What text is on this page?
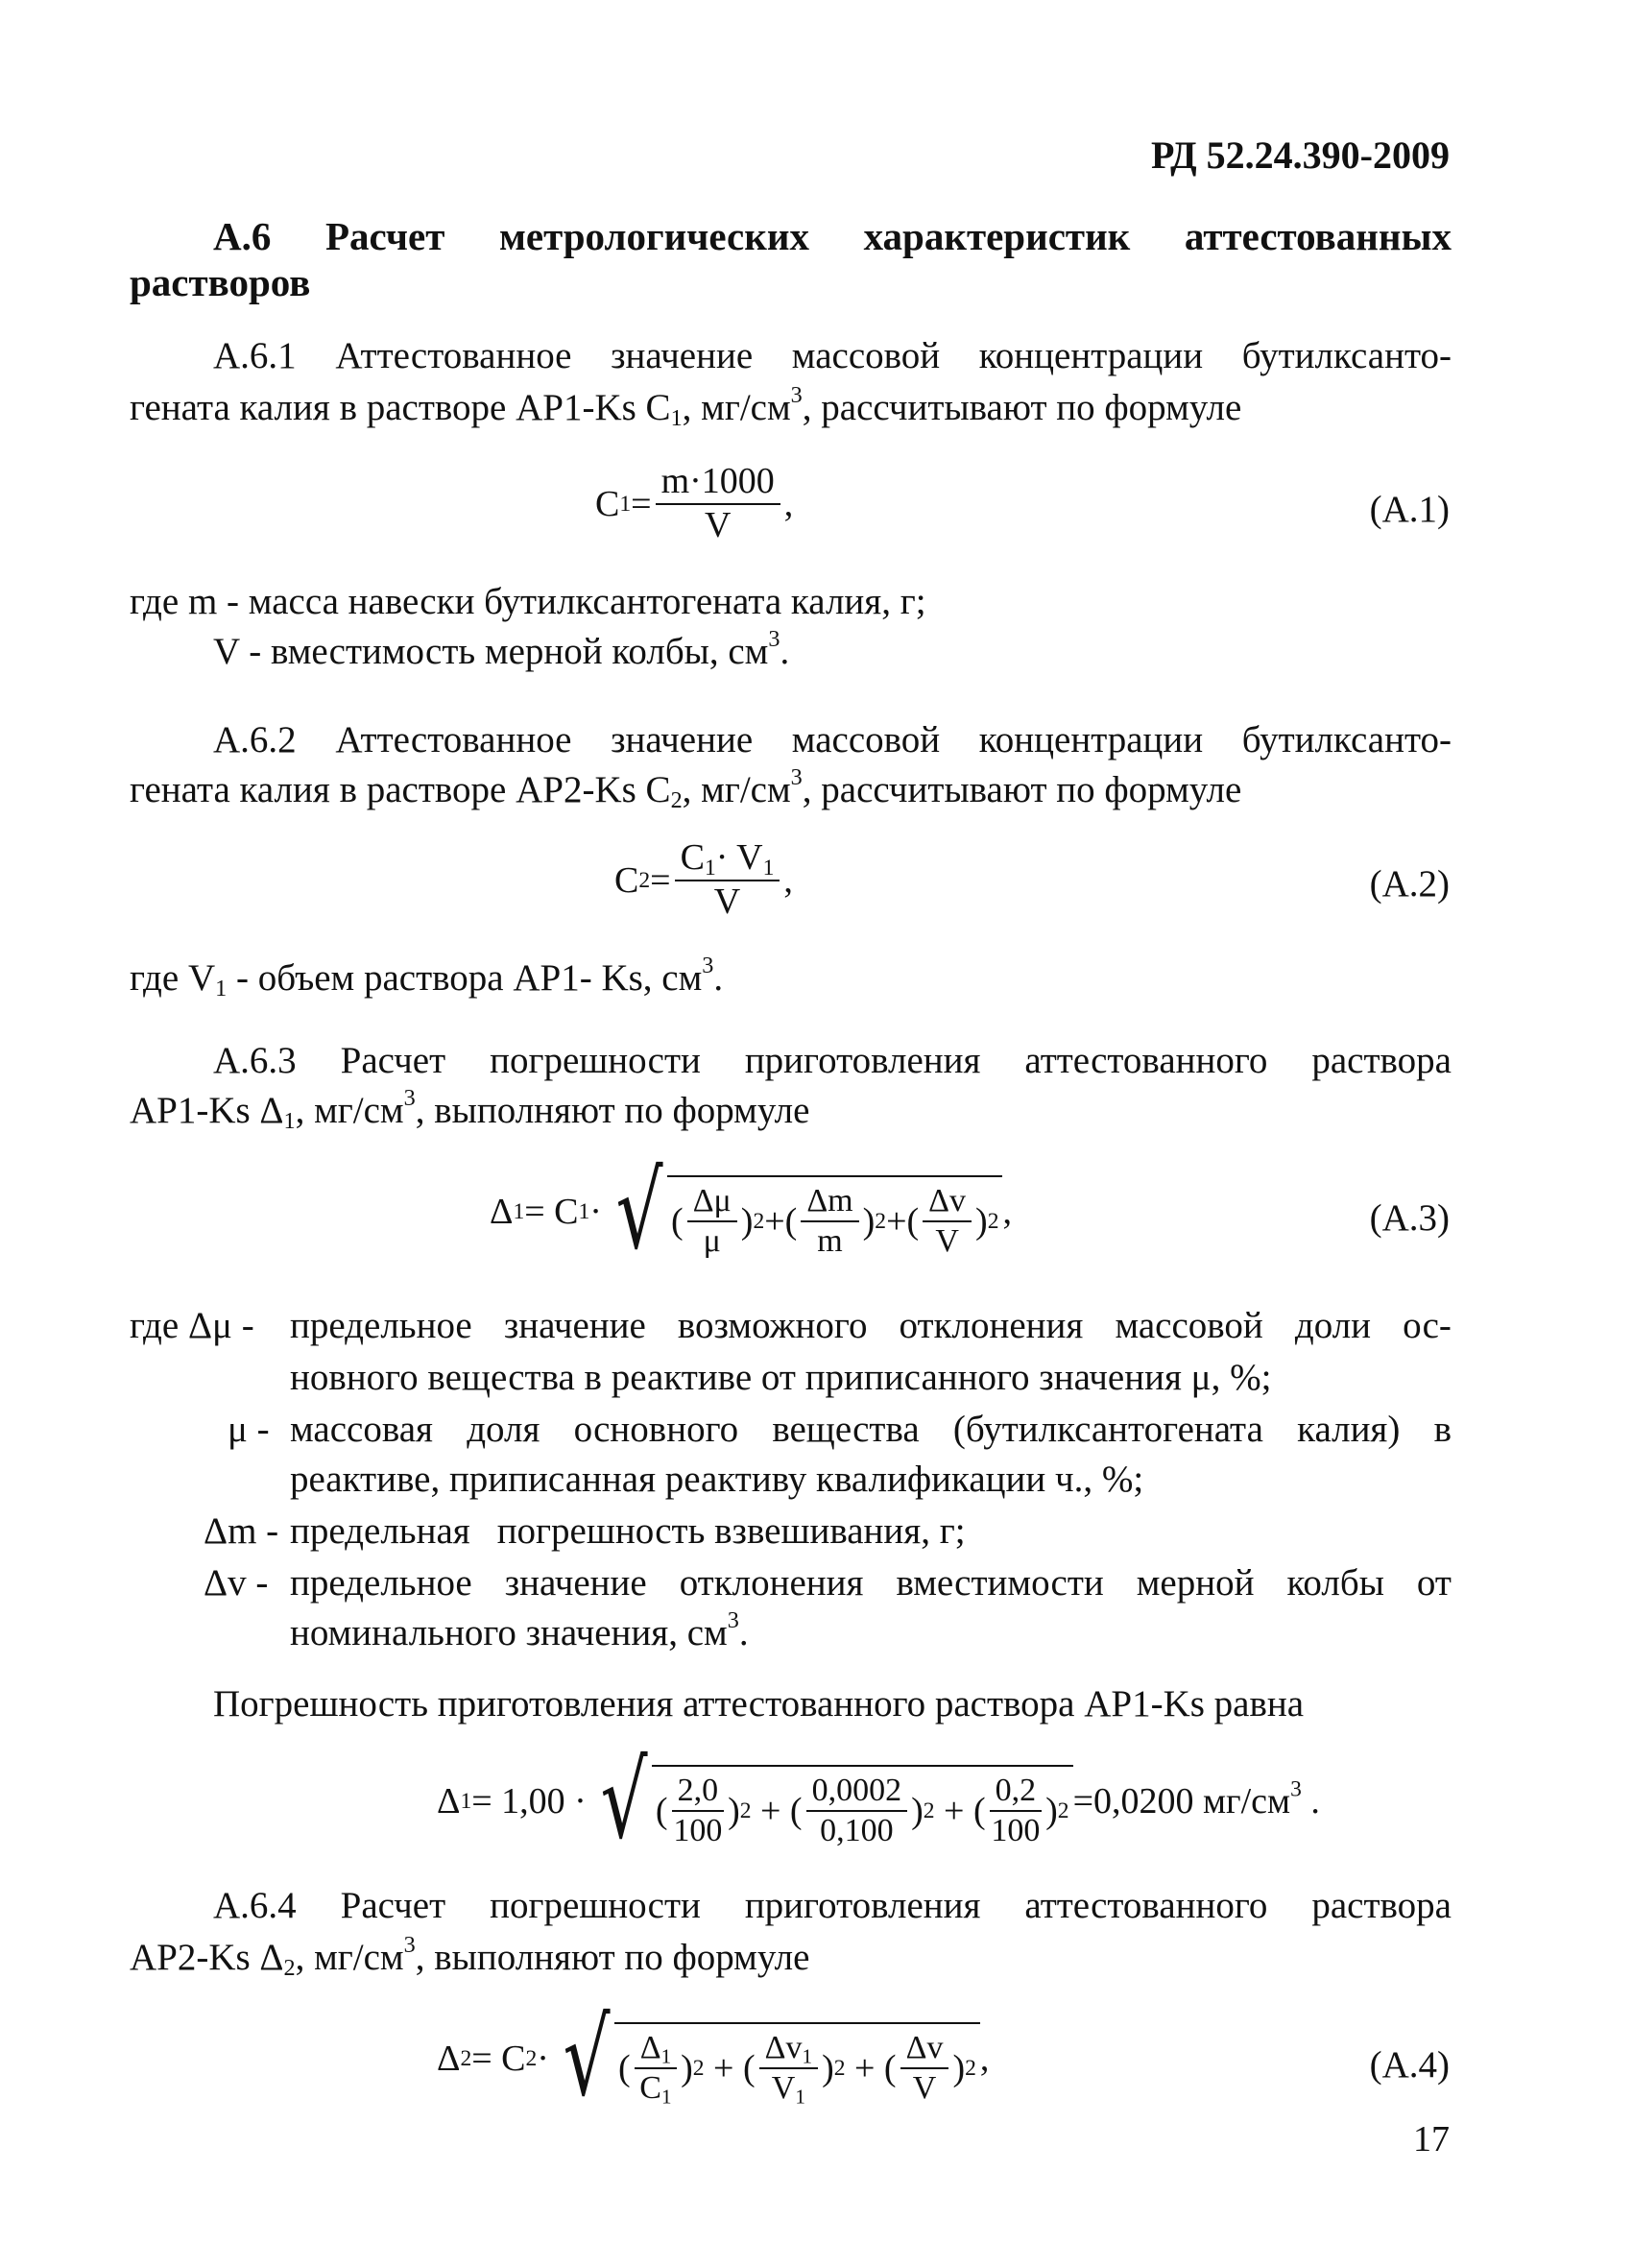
РД 52.24.390-2009
А.6 Расчет метрологических характеристик аттестованных
растворов
А.6.1 Аттестованное значение массовой концентрации бутилксанто-
гената калия в растворе АР1-Ks $С_1$, $мг/см^3$, рассчитывают по формуле
C $1 = \frac{m\cdot 1000}{V}$ ,	(А.1)
где m - масса навески бутилксантогената калия, г;
V - вместимость мерной колбы, $см^3$.
А.6.2 Аттестованное значение массовой концентрации бутилксанто-
гената калия в растворе АР2-Ks $С_2$, $мг/см^3$, рассчитывают по формуле
C $2 = \frac{C_1\cdot V_1}{V}$ ,	(А.2)
где $V_1$ - объем раствора АР1- Ks, $см^3$.
А.6.3 Расчет погрешности приготовления аттестованного раствора
АР1-Ks $\Delta_1$, $мг/см^3$, выполняют по формуле
Δ 1 = C 1 · √ ( $\frac{\Delta\mu}{\mu}$ ) 2 + ( $\frac{\Delta m}{m}$ ) 2 + ( $\frac{\Delta v}{V}$ ) 2 ,	(А.3)
где Δμ - предельное значение возможного отклонения массовой доли ос-
новного вещества в реактиве от приписанного значения μ, %;
μ - массовая доля основного вещества (бутилксантогената калия) в
реактиве, приписанная реактиву квалификации ч., %;
Δm - предельная погрешность взвешивания, г;
Δv - предельное значение отклонения вместимости мерной колбы от
номинального значения, $см^3$.
Погрешность приготовления аттестованного раствора АР1-Ks равна
Δ 1 = 1,00 · √ ( $\frac{2,0}{100}$ ) 2 + ( $\frac{0,0002}{0,100}$ ) 2 + ( $\frac{0,2}{100}$ ) 2 =0,0200 $мг/см^3$ .
А.6.4 Расчет погрешности приготовления аттестованного раствора
АР2-Ks $\Delta_2$, $мг/см^3$, выполняют по формуле
Δ 2 = C 2 · √ ( $\frac{\Delta_1}{C_1}$ ) 2 + ( $\frac{\Delta v_1}{V_1}$ ) 2 + ( $\frac{\Delta v}{V}$ ) 2 ,	(А.4)
17
